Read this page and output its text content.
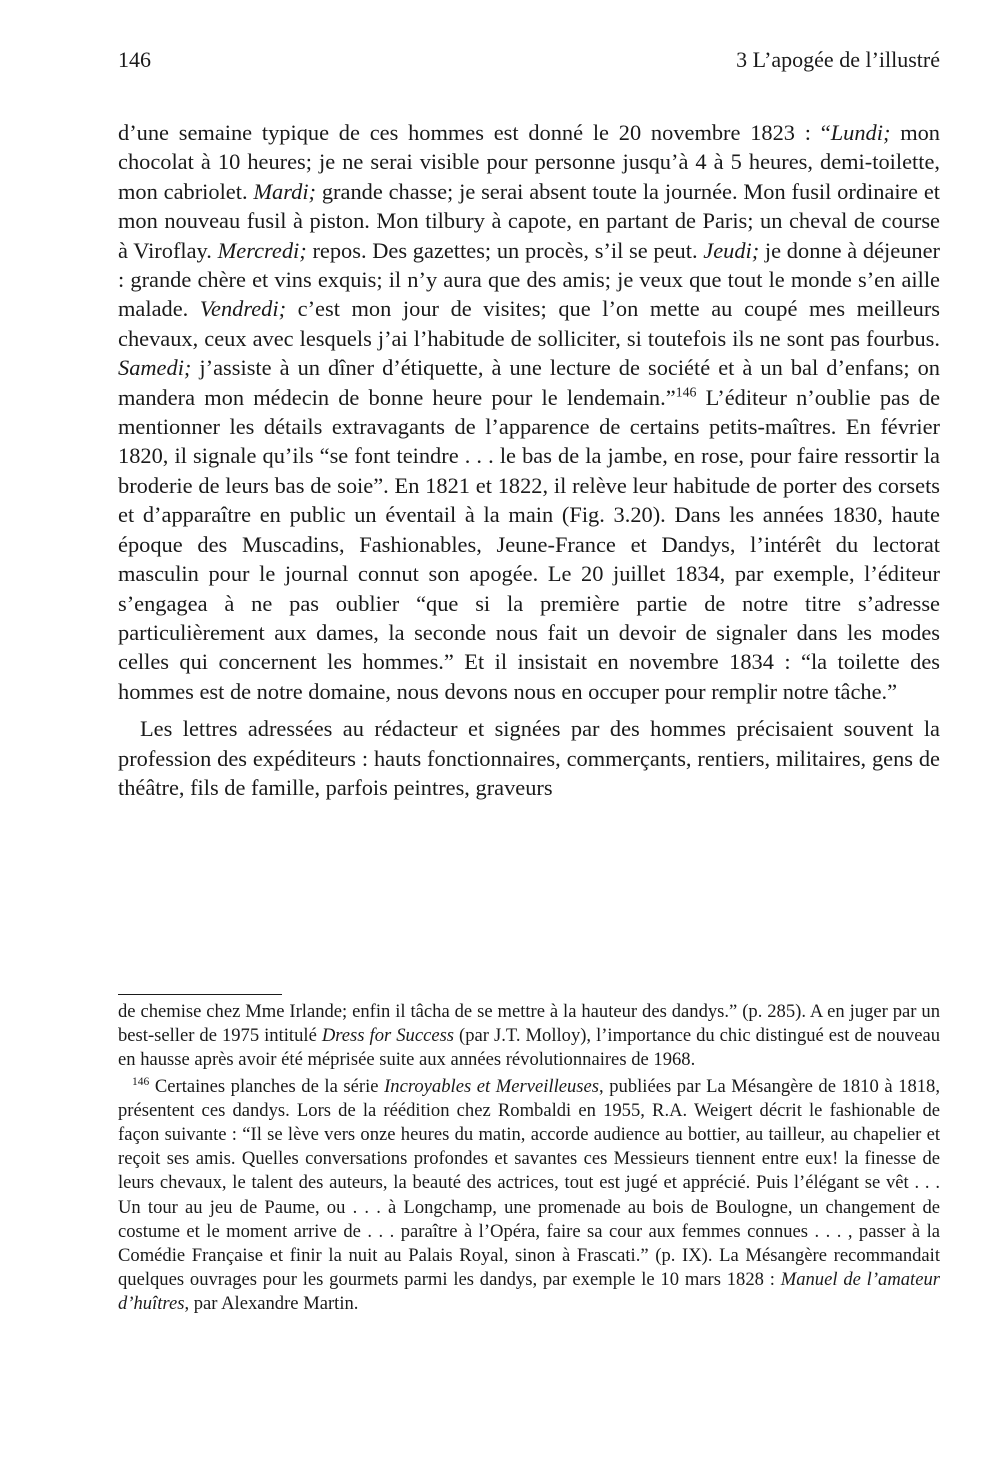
146	3 L’apogée de l’illustré

d’une semaine typique de ces hommes est donné le 20 novembre 1823 : “Lundi; mon chocolat à 10 heures; je ne serai visible pour personne jusqu’à 4 à 5 heures, demi-toilette, mon cabriolet. Mardi; grande chasse; je serai absent toute la journée. Mon fusil ordinaire et mon nouveau fusil à piston. Mon tilbury à capote, en partant de Paris; un cheval de course à Viroflay. Mercredi; repos. Des gazettes; un procès, s’il se peut. Jeudi; je donne à déjeuner : grande chère et vins exquis; il n’y aura que des amis; je veux que tout le monde s’en aille malade. Vendredi; c’est mon jour de visites; que l’on mette au coupé mes meilleurs chevaux, ceux avec lesquels j’ai l’habitude de solliciter, si toutefois ils ne sont pas fourbus. Samedi; j’assiste à un dîner d’étiquette, à une lecture de société et à un bal d’enfans; on mandera mon médecin de bonne heure pour le lendemain.”$^{146}$ L’éditeur n’oublie pas de mentionner les détails extravagants de l’apparence de certains petits-maîtres. En février 1820, il signale qu’ils “se font teindre . . . le bas de la jambe, en rose, pour faire ressortir la broderie de leurs bas de soie”. En 1821 et 1822, il relève leur habitude de porter des corsets et d’apparaître en public un éventail à la main (Fig. 3.20). Dans les années 1830, haute époque des Muscadins, Fashionables, Jeune-France et Dandys, l’intérêt du lectorat masculin pour le journal connut son apogée. Le 20 juillet 1834, par exemple, l’éditeur s’engagea à ne pas oublier “que si la première partie de notre titre s’adresse particulièrement aux dames, la seconde nous fait un devoir de signaler dans les modes celles qui concernent les hommes.” Et il insistait en novembre 1834 : “la toilette des hommes est de notre domaine, nous devons nous en occuper pour remplir notre tâche.”

Les lettres adressées au rédacteur et signées par des hommes précisaient souvent la profession des expéditeurs : hauts fonctionnaires, commerçants, rentiers, militaires, gens de théâtre, fils de famille, parfois peintres, graveurs

de chemise chez Mme Irlande; enfin il tâcha de se mettre à la hauteur des dandys.” (p. 285). A en juger par un best-seller de 1975 intitulé Dress for Success (par J.T. Molloy), l’importance du chic distingué est de nouveau en hausse après avoir été méprisée suite aux années révolutionnaires de 1968.

$^{146}$ Certaines planches de la série Incroyables et Merveilleuses, publiées par La Mésangère de 1810 à 1818, présentent ces dandys. Lors de la réédition chez Rombaldi en 1955, R.A. Weigert décrit le fashionable de façon suivante : “Il se lève vers onze heures du matin, accorde audience au bottier, au tailleur, au chapelier et reçoit ses amis. Quelles conversations profondes et savantes ces Messieurs tiennent entre eux! la finesse de leurs chevaux, le talent des auteurs, la beauté des actrices, tout est jugé et apprécié. Puis l’élégant se vêt . . . Un tour au jeu de Paume, ou . . . à Longchamp, une promenade au bois de Boulogne, un changement de costume et le moment arrive de . . . paraître à l’Opéra, faire sa cour aux femmes connues . . . , passer à la Comédie Française et finir la nuit au Palais Royal, sinon à Frascati.” (p. IX). La Mésangère recommandait quelques ouvrages pour les gourmets parmi les dandys, par exemple le 10 mars 1828 : Manuel de l’amateur d’huîtres, par Alexandre Martin.
